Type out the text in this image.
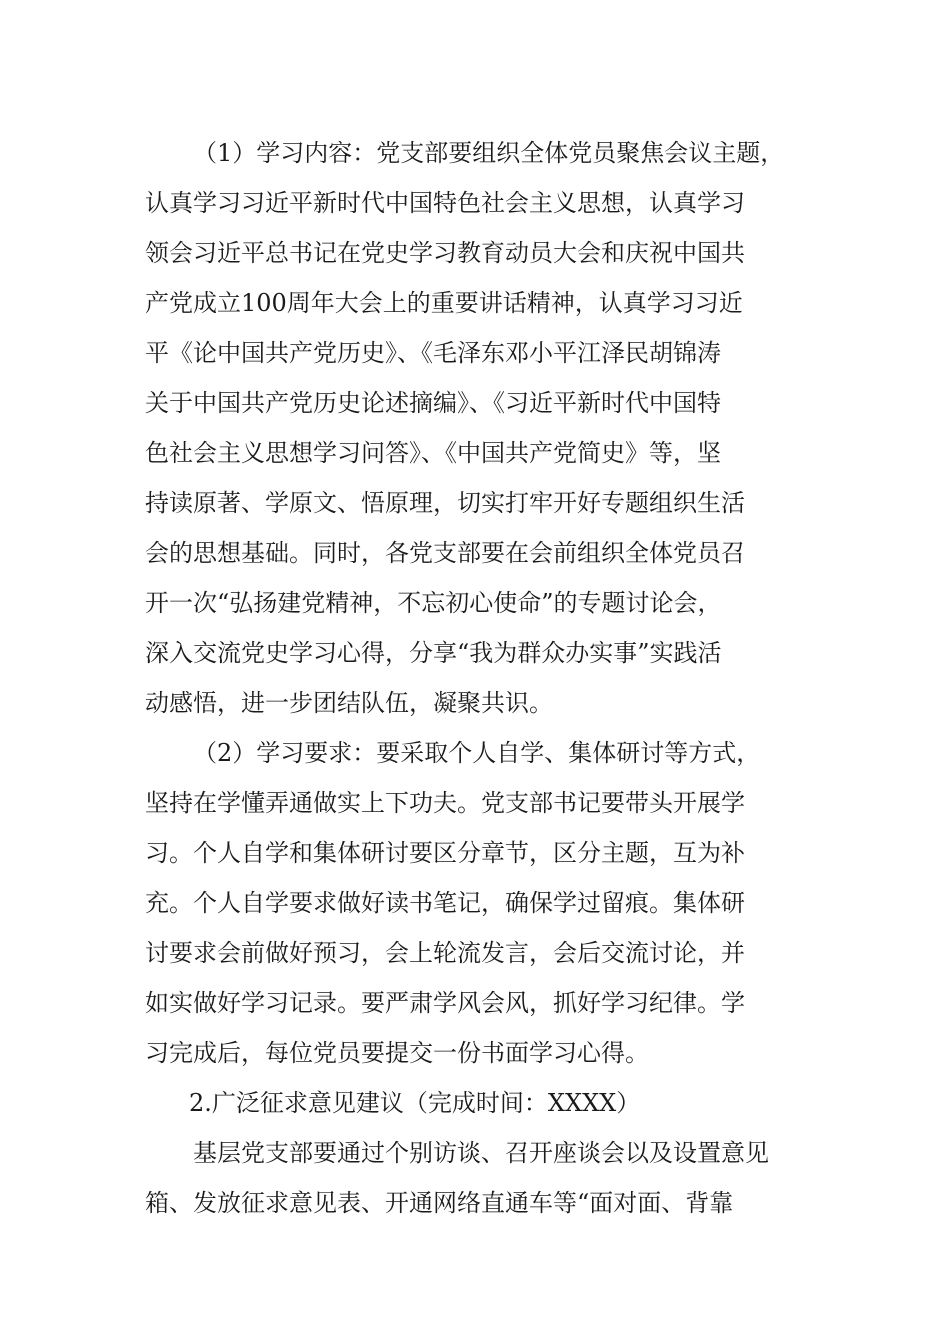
（1）学习内容：党支部要组织全体党员聚焦会议主题，
认真学习习近平新时代中国特色社会主义思想，认真学习
领会习近平总书记在党史学习教育动员大会和庆祝中国共
产党成立100周年大会上的重要讲话精神，认真学习习近
平《论中国共产党历史》、《毛泽东邓小平江泽民胡锦涛
关于中国共产党历史论述摘编》、《习近平新时代中国特
色社会主义思想学习问答》、《中国共产党简史》等，坚
持读原著、学原文、悟原理，切实打牢开好专题组织生活
会的思想基础。同时，各党支部要在会前组织全体党员召
开一次“弘扬建党精神，不忘初心使命”的专题讨论会，
深入交流党史学习心得，分享“我为群众办实事”实践活
动感悟，进一步团结队伍，凝聚共识。
（2）学习要求：要采取个人自学、集体研讨等方式，
坚持在学懂弄通做实上下功夫。党支部书记要带头开展学
习。个人自学和集体研讨要区分章节，区分主题，互为补
充。个人自学要求做好读书笔记，确保学过留痕。集体研
讨要求会前做好预习，会上轮流发言，会后交流讨论，并
如实做好学习记录。要严肃学风会风，抓好学习纪律。学
习完成后，每位党员要提交一份书面学习心得。
2.广泛征求意见建议（完成时间：XXXX）
基层党支部要通过个别访谈、召开座谈会以及设置意见
箱、发放征求意见表、开通网络直通车等“面对面、背靠
